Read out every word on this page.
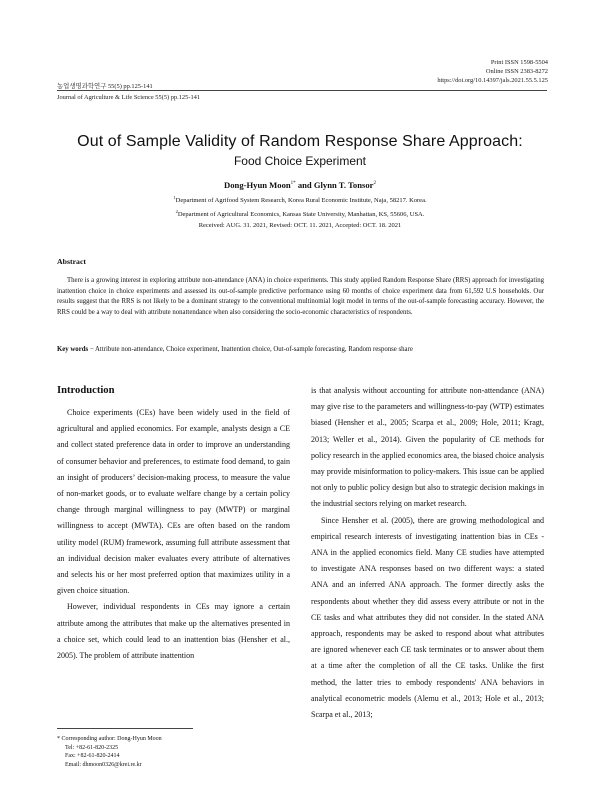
Print ISSN 1598-5504
Online ISSN 2383-8272
https://doi.org/10.14397/jals.2021.55.5.125
농업생명과학연구 55(5) pp.125-141
Journal of Agriculture & Life Science 55(5) pp.125-141
Out of Sample Validity of Random Response Share Approach:
Food Choice Experiment
Dong-Hyun Moon$^{1*}$ and Glynn T. Tonsor$^2$
$^1$Department of Agrifood System Research, Korea Rural Economic Institute, Naja, 58217. Korea.
$^2$Department of Agricultural Economics, Kansas State University, Manhattan, KS, 55606, USA.
Received: AUG. 31. 2021, Revised: OCT. 11. 2021, Accepted: OCT. 18. 2021
Abstract

There is a growing interest in exploring attribute non-attendance (ANA) in choice experiments. This study applied Random Response Share (RRS) approach for investigating inattention choice in choice experiments and assessed its out-of-sample predictive performance using 60 months of choice experiment data from 61,592 U.S households. Our results suggest that the RRS is not likely to be a dominant strategy to the conventional multinomial logit model in terms of the out-of-sample forecasting accuracy. However, the RRS could be a way to deal with attribute nonattendance when also considering the socio-economic characteristics of respondents.

Key words − Attribute non-attendance, Choice experiment, Inattention choice, Out-of-sample forecasting, Random response share
Introduction

Choice experiments (CEs) have been widely used in the field of agricultural and applied economics. For example, analysts design a CE and collect stated preference data in order to improve an understanding of consumer behavior and preferences, to estimate food demand, to gain an insight of producers’ decision-making process, to measure the value of non-market goods, or to evaluate welfare change by a certain policy change through marginal willingness to pay (MWTP) or marginal willingness to accept (MWTA). CEs are often based on the random utility model (RUM) framework, assuming full attribute assessment that an individual decision maker evaluates every attribute of alternatives and selects his or her most preferred option that maximizes utility in a given choice situation.

However, individual respondents in CEs may ignore a certain attribute among the attributes that make up the alternatives presented in a choice set, which could lead to an inattention bias (Hensher et al., 2005). The problem of attribute inattention

is that analysis without accounting for attribute non-attendance (ANA) may give rise to the parameters and willingness-to-pay (WTP) estimates biased (Hensher et al., 2005; Scarpa et al., 2009; Hole, 2011; Kragt, 2013; Weller et al., 2014). Given the popularity of CE methods for policy research in the applied economics area, the biased choice analysis may provide misinformation to policy-makers. This issue can be applied not only to public policy design but also to strategic decision makings in the industrial sectors relying on market research.

Since Hensher et al. (2005), there are growing methodological and empirical research interests of investigating inattention bias in CEs - ANA in the applied economics field. Many CE studies have attempted to investigate ANA responses based on two different ways: a stated ANA and an inferred ANA approach. The former directly asks the respondents about whether they did assess every attribute or not in the CE tasks and what attributes they did not consider. In the stated ANA approach, respondents may be asked to respond about what attributes are ignored whenever each CE task terminates or to answer about them at a time after the completion of all the CE tasks. Unlike the first method, the latter tries to embody respondents' ANA behaviors in analytical econometric models (Alemu et al., 2013; Hole et al., 2013; Scarpa et al., 2013;

* Corresponding author: Dong-Hyun Moon
Tel: +82-61-820-2325
Fax: +82-61-820-2414
Email: dhmoon0326@krei.re.kr
